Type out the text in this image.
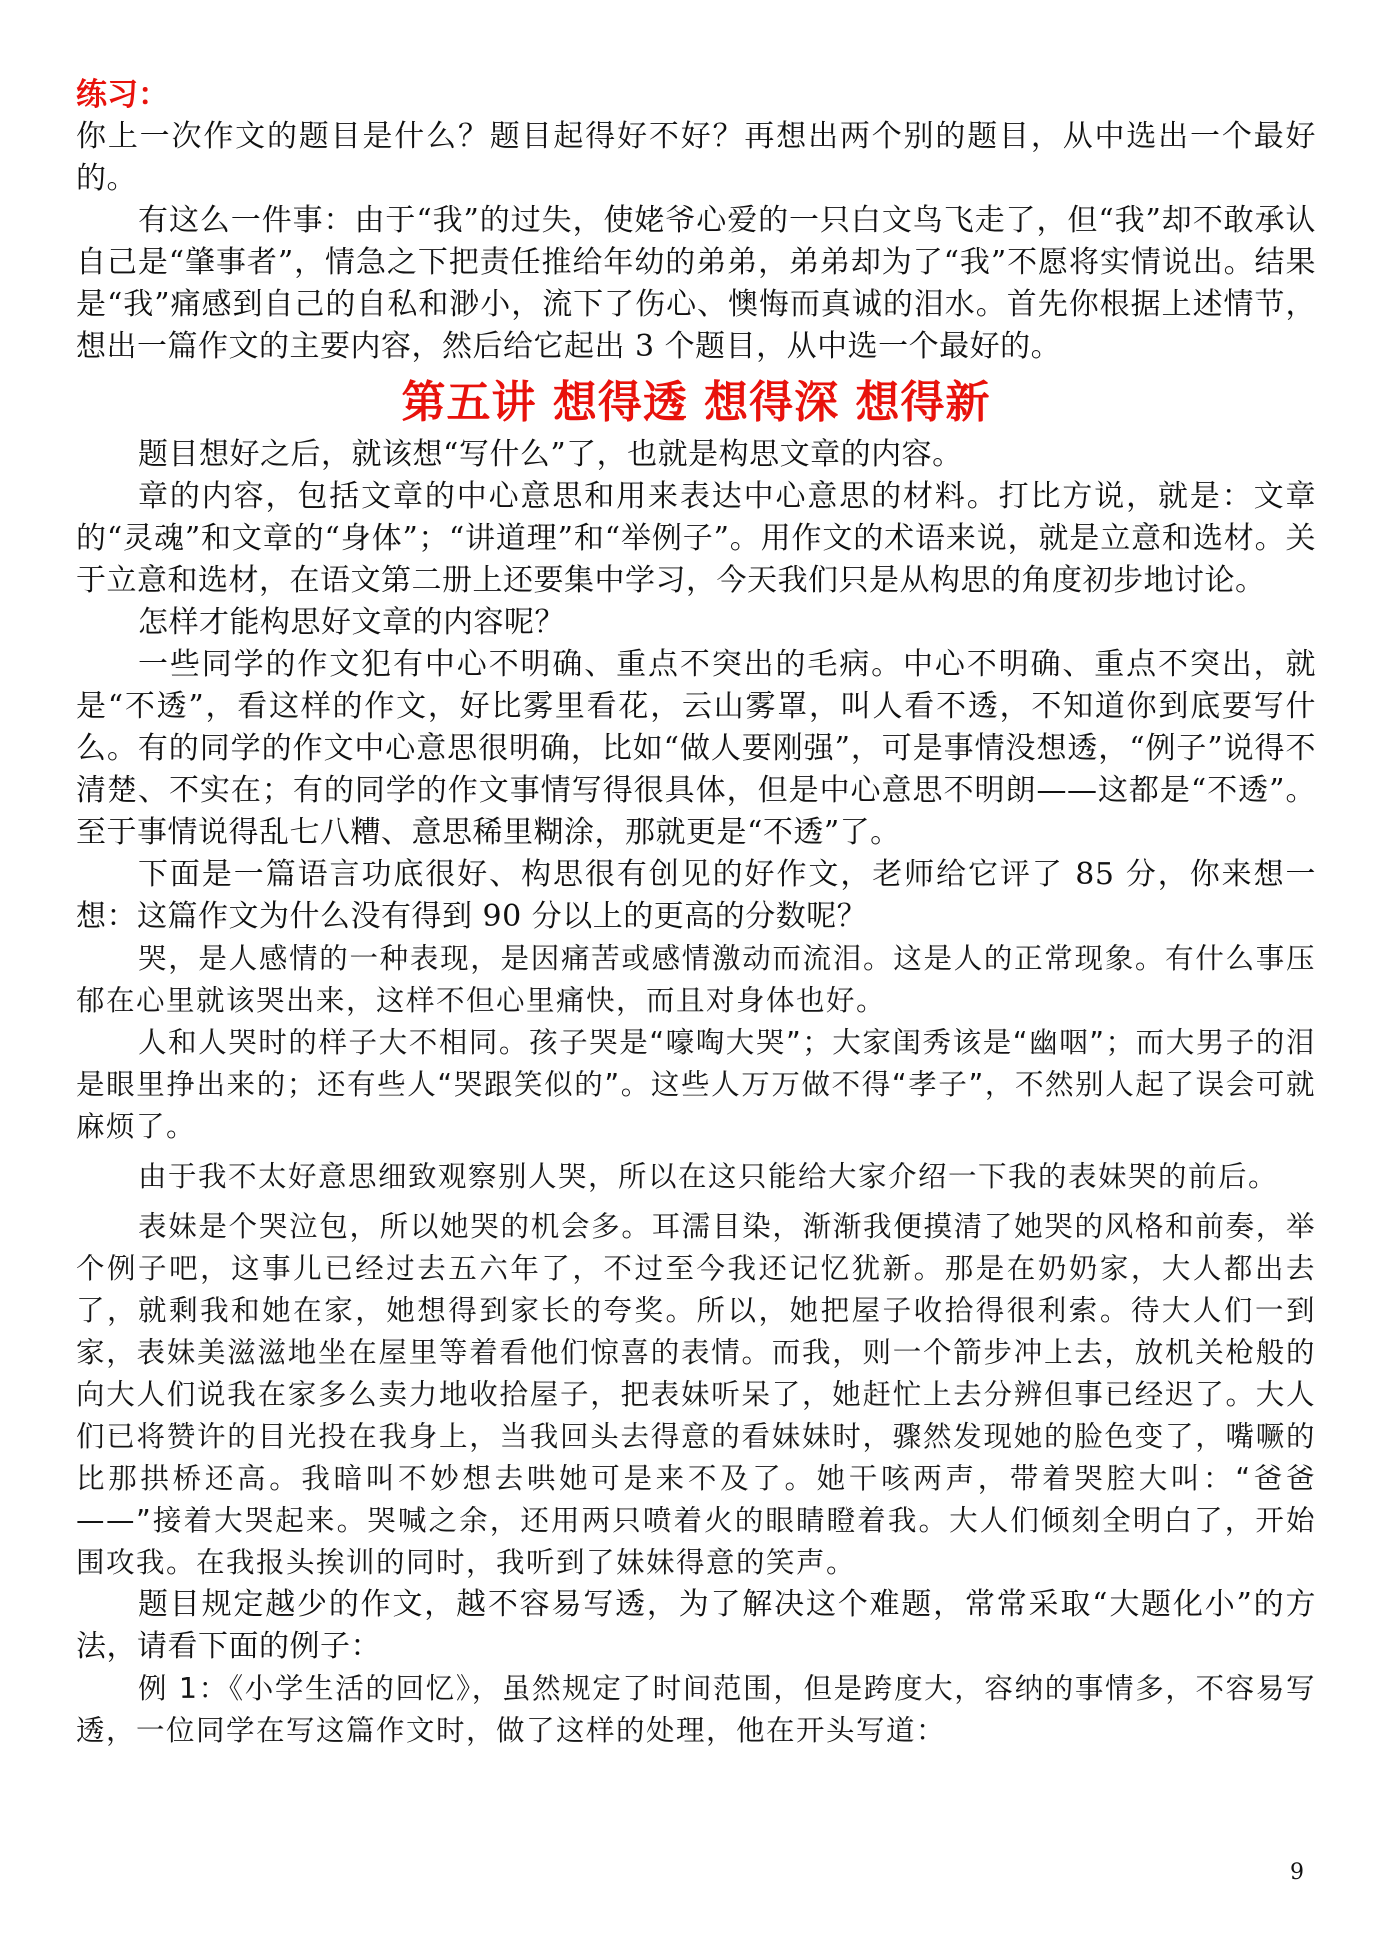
练习：

你上一次作文的题目是什么？题目起得好不好？再想出两个别的题目，从中选出一个最好的。

有这么一件事：由于“我”的过失，使姥爷心爱的一只白文鸟飞走了，但“我”却不敢承认自己是“肇事者”，情急之下把责任推给年幼的弟弟，弟弟却为了“我”不愿将实情说出。结果是“我”痛感到自己的自私和渺小，流下了伤心、懊悔而真诚的泪水。首先你根据上述情节，想出一篇作文的主要内容，然后给它起出 3 个题目，从中选一个最好的。

第五讲 想得透 想得深 想得新

题目想好之后，就该想“写什么”了，也就是构思文章的内容。

章的内容，包括文章的中心意思和用来表达中心意思的材料。打比方说，就是：文章的“灵魂”和文章的“身体”；“讲道理”和“举例子”。用作文的术语来说，就是立意和选材。关于立意和选材，在语文第二册上还要集中学习，今天我们只是从构思的角度初步地讨论。

怎样才能构思好文章的内容呢？

一些同学的作文犯有中心不明确、重点不突出的毛病。中心不明确、重点不突出，就是“不透”，看这样的作文，好比雾里看花，云山雾罩，叫人看不透，不知道你到底要写什么。有的同学的作文中心意思很明确，比如“做人要刚强”，可是事情没想透，“例子”说得不清楚、不实在；有的同学的作文事情写得很具体，但是中心意思不明朗——这都是“不透”。至于事情说得乱七八糟、意思稀里糊涂，那就更是“不透”了。

下面是一篇语言功底很好、构思很有创见的好作文，老师给它评了 85 分，你来想一想：这篇作文为什么没有得到 90 分以上的更高的分数呢？

哭，是人感情的一种表现，是因痛苦或感情激动而流泪。这是人的正常现象。有什么事压郁在心里就该哭出来，这样不但心里痛快，而且对身体也好。

人和人哭时的样子大不相同。孩子哭是“嚎啕大哭”；大家闺秀该是“幽咽”；而大男子的泪是眼里挣出来的；还有些人“哭跟笑似的”。这些人万万做不得“孝子”，不然别人起了误会可就麻烦了。

由于我不太好意思细致观察别人哭，所以在这只能给大家介绍一下我的表妹哭的前后。

表妹是个哭泣包，所以她哭的机会多。耳濡目染，渐渐我便摸清了她哭的风格和前奏，举个例子吧，这事儿已经过去五六年了，不过至今我还记忆犹新。那是在奶奶家，大人都出去了，就剩我和她在家，她想得到家长的夸奖。所以，她把屋子收拾得很利索。待大人们一到家，表妹美滋滋地坐在屋里等着看他们惊喜的表情。而我，则一个箭步冲上去，放机关枪般的向大人们说我在家多么卖力地收拾屋子，把表妹听呆了，她赶忙上去分辨但事已经迟了。大人们已将赞许的目光投在我身上，当我回头去得意的看妹妹时，骤然发现她的脸色变了，嘴噘的比那拱桥还高。我暗叫不妙想去哄她可是来不及了。她干咳两声，带着哭腔大叫：“爸爸——”接着大哭起来。哭喊之余，还用两只喷着火的眼睛瞪着我。大人们倾刻全明白了，开始围攻我。在我报头挨训的同时，我听到了妹妹得意的笑声。

题目规定越少的作文，越不容易写透，为了解决这个难题，常常采取“大题化小”的方法，请看下面的例子：

例 1：《小学生活的回忆》，虽然规定了时间范围，但是跨度大，容纳的事情多，不容易写透，一位同学在写这篇作文时，做了这样的处理，他在开头写道：

9
